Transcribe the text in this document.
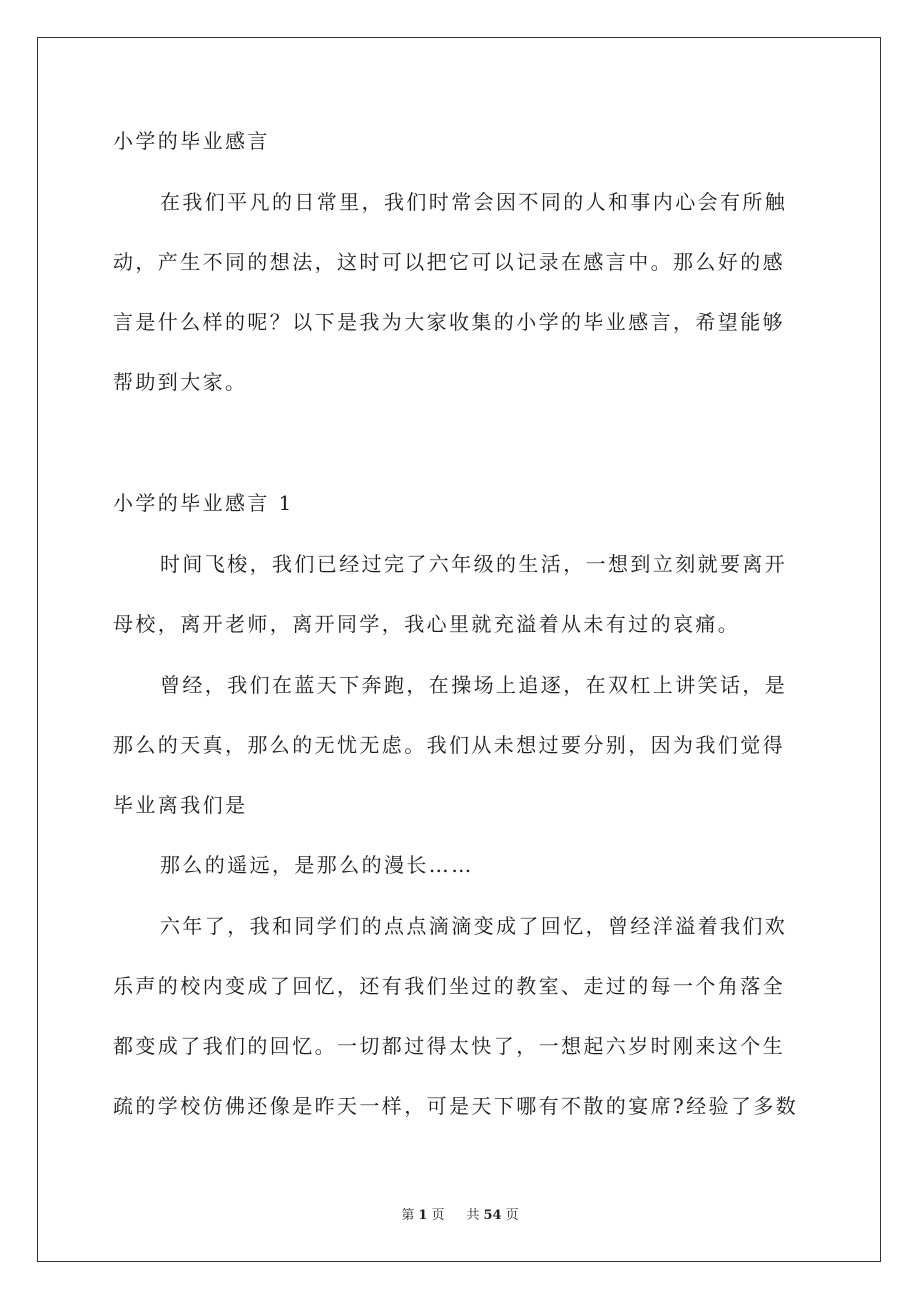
小学的毕业感言
在我们平凡的日常里，我们时常会因不同的人和事内心会有所触
动，产生不同的想法，这时可以把它可以记录在感言中。那么好的感
言是什么样的呢？以下是我为大家收集的小学的毕业感言，希望能够
帮助到大家。
小学的毕业感言 1
时间飞梭，我们已经过完了六年级的生活，一想到立刻就要离开
母校，离开老师，离开同学，我心里就充溢着从未有过的哀痛。
曾经，我们在蓝天下奔跑，在操场上追逐，在双杠上讲笑话，是
那么的天真，那么的无忧无虑。我们从未想过要分别，因为我们觉得
毕业离我们是
那么的遥远，是那么的漫长……
六年了，我和同学们的点点滴滴变成了回忆，曾经洋溢着我们欢
乐声的校内变成了回忆，还有我们坐过的教室、走过的每一个角落全
都变成了我们的回忆。一切都过得太快了，一想起六岁时刚来这个生
疏的学校仿佛还像是昨天一样，可是天下哪有不散的宴席?经验了多数
第 1 页 共 54 页
